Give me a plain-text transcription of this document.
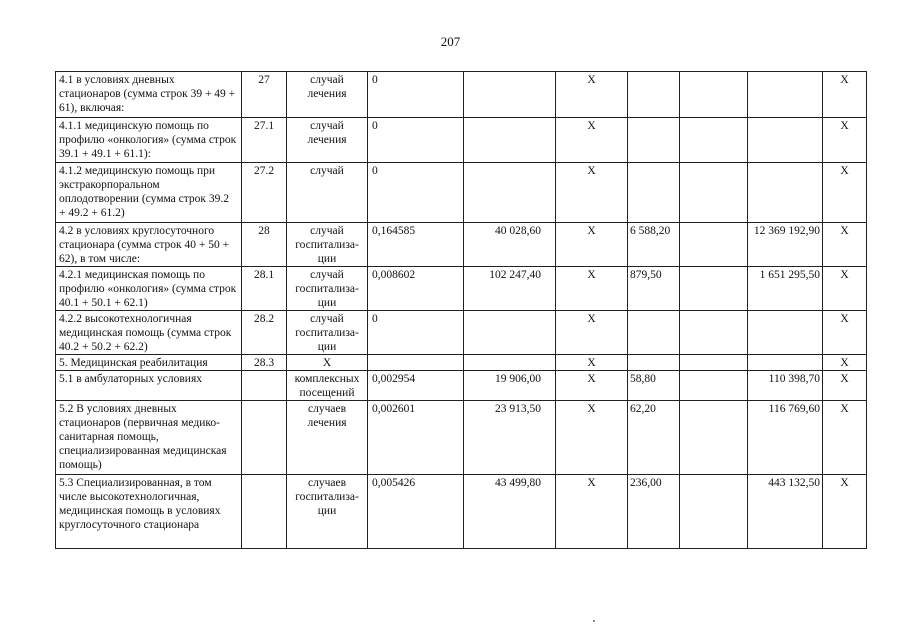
207
4.1 в условиях дневных стационаров (сумма строк 39 + 49 + 61), включая:	27	случай лечения	0		Х				Х
4.1.1 медицинскую помощь по профилю «онкология» (сумма строк 39.1 + 49.1 + 61.1):	27.1	случай лечения	0		Х				Х
4.1.2 медицинскую помощь при экстракорпоральном оплодотворении (сумма строк 39.2 + 49.2 + 61.2)	27.2	случай	0		Х				Х
4.2 в условиях круглосуточного стационара (сумма строк 40 + 50 + 62), в том числе:	28	случай госпитализа-ции	0,164585	40 028,60	Х	6 588,20		12 369 192,90	Х
4.2.1 медицинская помощь по профилю «онкология» (сумма строк 40.1 + 50.1 + 62.1)	28.1	случай госпитализа-ции	0,008602	102 247,40	Х	879,50		1 651 295,50	Х
4.2.2 высокотехнологичная медицинская помощь (сумма строк 40.2 + 50.2 + 62.2)	28.2	случай госпитализа-ции	0		Х				Х
5. Медицинская реабилитация	28.3	Х			Х				Х
5.1 в амбулаторных условиях		комплексных посещений	0,002954	19 906,00	Х	58,80		110 398,70	Х
5.2 В условиях дневных стационаров (первичная медико-санитарная помощь, специализированная медицинская помощь)		случаев лечения	0,002601	23 913,50	Х	62,20		116 769,60	Х
5.3 Специализированная, в том числе высокотехнологичная, медицинская помощь в условиях круглосуточного стационара		случаев госпитализа-ции	0,005426	43 499,80	Х	236,00		443 132,50	Х
